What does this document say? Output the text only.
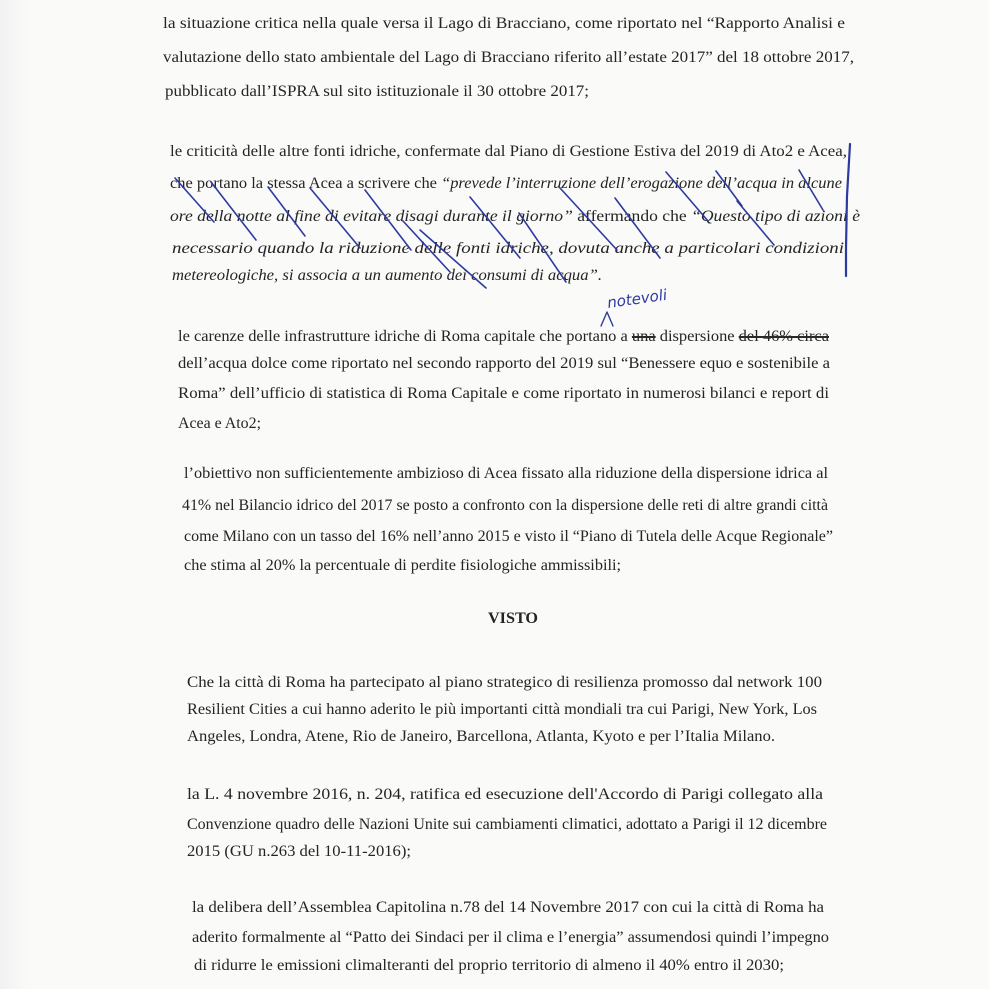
la situazione critica nella quale versa il Lago di Bracciano, come riportato nel “Rapporto Analisi e

valutazione dello stato ambientale del Lago di Bracciano riferito all’estate 2017” del 18 ottobre 2017,

pubblicato dall’ISPRA sul sito istituzionale il 30 ottobre 2017;

le criticità delle altre fonti idriche, confermate dal Piano di Gestione Estiva del 2019 di Ato2 e Acea,

che portano la stessa Acea a scrivere che “prevede l’interruzione dell’erogazione dell’acqua in alcune

ore della notte al fine di evitare disagi durante il giorno” affermando che “Questo tipo di azioni è

necessario quando la riduzione delle fonti idriche, dovuta anche a particolari condizioni

metereologiche, si associa a un aumento dei consumi di acqua”.

le carenze delle infrastrutture idriche di Roma capitale che portano a una dispersione del 46% circa

dell’acqua dolce come riportato nel secondo rapporto del 2019 sul “Benessere equo e sostenibile a

Roma” dell’ufficio di statistica di Roma Capitale e come riportato in numerosi bilanci e report di

Acea e Ato2;

l’obiettivo non sufficientemente ambizioso di Acea fissato alla riduzione della dispersione idrica al

41% nel Bilancio idrico del 2017 se posto a confronto con la dispersione delle reti di altre grandi città

come Milano con un tasso del 16% nell’anno 2015 e visto il “Piano di Tutela delle Acque Regionale”

che stima al 20% la percentuale di perdite fisiologiche ammissibili;

VISTO

Che la città di Roma ha partecipato al piano strategico di resilienza promosso dal network 100

Resilient Cities a cui hanno aderito le più importanti città mondiali tra cui Parigi, New York, Los

Angeles, Londra, Atene, Rio de Janeiro, Barcellona, Atlanta, Kyoto e per l’Italia Milano.

la L. 4 novembre 2016, n. 204, ratifica ed esecuzione dell'Accordo di Parigi collegato alla

Convenzione quadro delle Nazioni Unite sui cambiamenti climatici, adottato a Parigi il 12 dicembre

2015 (GU n.263 del 10-11-2016);

la delibera dell’Assemblea Capitolina n.78 del 14 Novembre 2017 con cui la città di Roma ha

aderito formalmente al “Patto dei Sindaci per il clima e l’energia” assumendosi quindi l’impegno

di ridurre le emissioni climalteranti del proprio territorio di almeno il 40% entro il 2030;

notevoli
